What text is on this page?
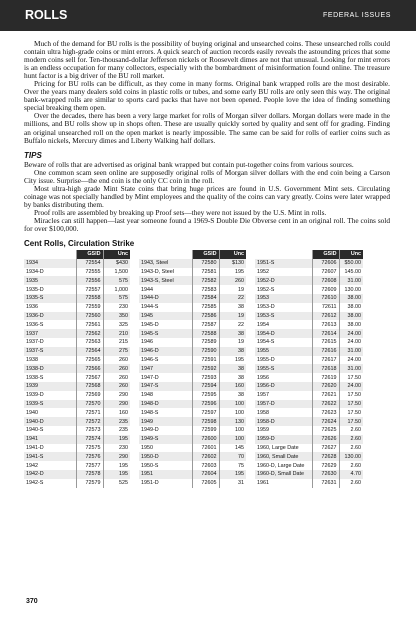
ROLLS	FEDERAL ISSUES

Much of the demand for BU rolls is the possibility of buying original and unsearched coins. These unsearched rolls could contain ultra high-grade coins or mint errors. A quick search of auction records easily reveals the astounding prices that some modern coins sell for. Ten-thousand-dollar Jefferson nickels or Roosevelt dimes are not that unusual. Looking for mint errors is an endless occupation for many collectors, especially with the bombardment of misinformation found online. The treasure hunt factor is a big driver of the BU roll market.

Pricing for BU rolls can be difficult, as they come in many forms. Original bank wrapped rolls are the most desirable. Over the years many dealers sold coins in plastic rolls or tubes, and some early BU rolls are only seen this way. The original bank-wrapped rolls are similar to sports card packs that have not been opened. People love the idea of finding something special breaking them open.

Over the decades, there has been a very large market for rolls of Morgan silver dollars. Morgan dollars were made in the millions, and BU rolls show up in shops often. These are usually quickly sorted by quality and sent off for grading. Finding an original unsearched roll on the open market is nearly impossible. The same can be said for rolls of earlier coins such as Buffalo nickels, Mercury dimes and Liberty Walking half dollars.

TIPS

Beware of rolls that are advertised as original bank wrapped but contain put-together coins from various sources.

One common scam seen online are supposedly original rolls of Morgan silver dollars with the end coin being a Carson City issue. Surprise—the end coin is the only CC coin in the roll.

Most ultra-high grade Mint State coins that bring huge prices are found in U.S. Government Mint sets. Circulating coinage was not specially handled by Mint employees and the quality of the coins can vary greatly. Coins were later wrapped by banks distributing them.

Proof rolls are assembled by breaking up Proof sets—they were not issued by the U.S. Mint in rolls.

Miracles can still happen—last year someone found a 1969-S Double Die Obverse cent in an original roll. The coins sold for over $100,000.

Cent Rolls, Circulation Strike
	GSID	Unc
1934	72554	$430
1934-D	72555	1,500
1935	72556	575
1935-D	72557	1,000
1935-S	72558	575
1936	72559	230
1936-D	72560	350
1936-S	72561	325
1937	72562	210
1937-D	72563	215
1937-S	72564	275
1938	72565	260
1938-D	72566	260
1938-S	72567	260
1939	72568	260
1939-D	72569	290
1939-S	72570	290
1940	72571	160
1940-D	72572	235
1940-S	72573	235
1941	72574	195
1941-D	72575	230
1941-S	72576	290
1942	72577	195
1942-D	72578	195
1942-S	72579	525
	GSID	Unc
1943, Steel	72580	$130
1943-D, Steel	72581	195
1943-S, Steel	72582	260
1944	72583	19
1944-D	72584	22
1944-S	72585	38
1945	72586	19
1945-D	72587	22
1945-S	72588	38
1946	72589	19
1946-D	72590	38
1946-S	72591	195
1947	72592	38
1947-D	72593	38
1947-S	72594	160
1948	72595	38
1948-D	72596	100
1948-S	72597	100
1949	72598	130
1949-D	72599	100
1949-S	72600	100
1950	72601	145
1950-D	72602	70
1950-S	72603	75
1951	72604	195
1951-D	72605	31
	GSID	Unc
1951-S	72606	$50.00
1952	72607	145.00
1952-D	72608	31.00
1952-S	72609	130.00
1953	72610	38.00
1953-D	72611	38.00
1953-S	72612	38.00
1954	72613	38.00
1954-D	72614	24.00
1954-S	72615	24.00
1955	72616	31.00
1955-D	72617	24.00
1955-S	72618	31.00
1956	72619	17.50
1956-D	72620	24.00
1957	72621	17.50
1957-D	72622	17.50
1958	72623	17.50
1958-D	72624	17.50
1959	72625	2.60
1959-D	72626	2.60
1960, Large Date	72627	2.60
1960, Small Date	72628	130.00
1960-D, Large Date	72629	2.60
1960-D, Small Date	72630	4.70
1961	72631	2.60
370
